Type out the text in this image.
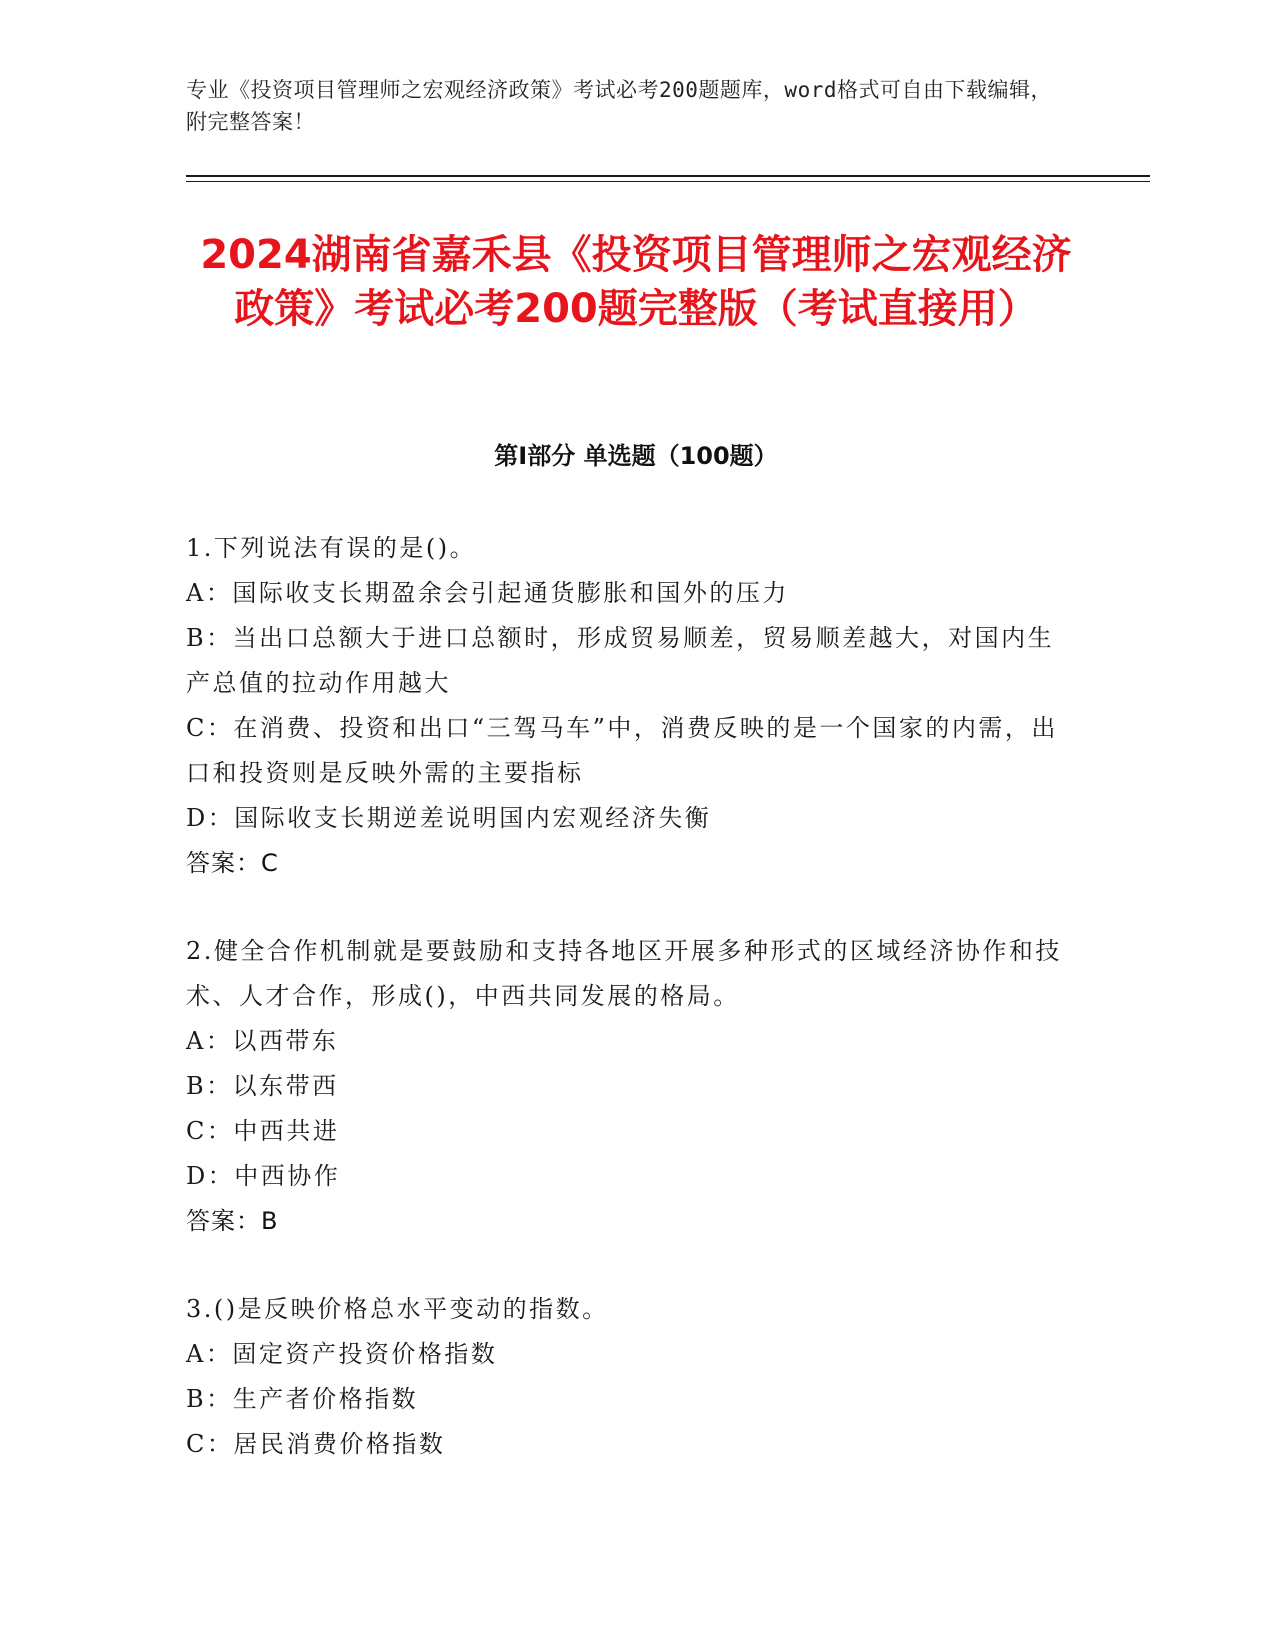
专业《投资项目管理师之宏观经济政策》考试必考200题题库，word格式可自由下载编辑，附完整答案！
2024湖南省嘉禾县《投资项目管理师之宏观经济政策》考试必考200题完整版（考试直接用）
第I部分 单选题（100题）

1.下列说法有误的是()。

A：国际收支长期盈余会引起通货膨胀和国外的压力

B：当出口总额大于进口总额时，形成贸易顺差，贸易顺差越大，对国内生产总值的拉动作用越大

C：在消费、投资和出口“三驾马车”中，消费反映的是一个国家的内需，出口和投资则是反映外需的主要指标

D：国际收支长期逆差说明国内宏观经济失衡

答案：C

2.健全合作机制就是要鼓励和支持各地区开展多种形式的区域经济协作和技术、人才合作，形成()，中西共同发展的格局。

A：以西带东

B：以东带西

C：中西共进

D：中西协作

答案：B

3.()是反映价格总水平变动的指数。

A：固定资产投资价格指数

B：生产者价格指数

C：居民消费价格指数
